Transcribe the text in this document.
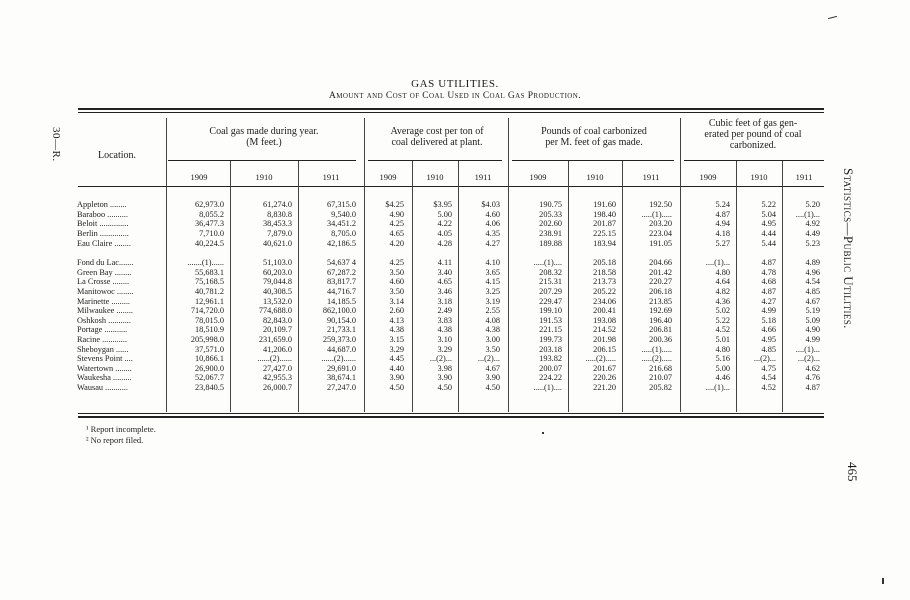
GAS UTILITIES.
Amount and Cost of Coal Used in Coal Gas Production.
30—R.
Statistics—Public Utilities.
465
Location.
Coal gas made during year.
(M feet.)
Average cost per ton of
coal delivered at plant.
Pounds of coal carbonized
per M. feet of gas made.
Cubic feet of gas gen-
erated per pound of coal
carbonized.
1909	1910	1911	1909	1910	1911	1909	1910	1911	1909	1910	1911
Appleton ........	62,973.0	61,274.0	67,315.0	$4.25	$3.95	$4.03	190.75	191.60	192.50	5.24	5.22	5.20
Baraboo ..........	8,055.2	8,830.8	9,540.0	4.90	5.00	4.60	205.33	198.40	.....(1).....	4.87	5.04 ....(1)...
Beloit ..............	36,477.3	38,453.3	34,451.2	4.25	4.22	4.06	202.60	201.87	203.20	4.94	4.95	4.92
Berlin ..............	7,710.0	7,879.0	8,705.0	4.65	4.05	4.35	238.91	225.15	223.04	4.18	4.44	4.49
Eau Claire ........	40,224.5	40,621.0	42,186.5	4.20	4.28	4.27	189.88	183.94	191.05	5.27	5.44	5.23
Fond du Lac.......	.......(1)......	51,103.0	54,637 4	4.25	4.11	4.10	.....(1)....	205.18	204.66	....(1)...	4.87	4.89
Green Bay ........	55,683.1	60,203.0	67,287.2	3.50	3.40	3.65	208.32	218.58	201.42	4.80	4.78	4.96
La Crosse ........	75,168.5	79,044.8	83,817.7	4.60	4.65	4.15	215.31	213.73	220.27	4.64	4.68	4.54
Manitowoc ........	40,781.2	40,308.5	44,716.7	3.50	3.46	3.25	207.29	205.22	206.18	4.82	4.87	4.85
Marinette .........	12,961.1	13,532.0	14,185.5	3.14	3.18	3.19	229.47	234.06	213.85	4.36	4.27	4.67
Milwaukee ........	714,720.0	774,688.0	862,100.0	2.60	2.49	2.55	199.10	200.41	192.69	5.02	4.99	5.19
Oshkosh ...........	78,015.0	82,843.0	90,154.0	4.13	3.83	4.08	191.53	193.08	196.40	5.22	5.18	5.09
Portage ...........	18,510.9	20,109.7	21,733.1	4.38	4.38	4.38	221.15	214.52	206.81	4.52	4.66	4.90
Racine ............	205,998.0	231,659.0	259,373.0	3.15	3.10	3.00	199.73	201.98	200.36	5.01	4.95	4.99
Sheboygan ......	37,571.0	41,206.0	44,687.0	3.29	3.29	3.50	203.18	206.15	.....(1).....	4.80	4.85 ....(1)...
Stevens Point ....	10,866.1	......(2)......	......(2)......	4.45	...(2)...	...(2)...	193.82	.....(2).....	.....(2).....	5.16	...(2)...	...(2)...
Watertown ........	26,900.0	27,427.0	29,691.0	4.40	3.98	4.67	200.07	201.67	216.68	5.00	4.75	4.62
Waukesha .........	52,067.7	42,955.3	38,674.1	3.90	3.90	3.90	224.22	220.26	210.07	4.46	4.54	4.76
Wausau ...........	23,840.5	26,000.7	27,247.0	4.50	4.50	4.50	.....(1)....	221.20	205.82	....(1)...	4.52	4.87
¹ Report incomplete.
² No report filed.
